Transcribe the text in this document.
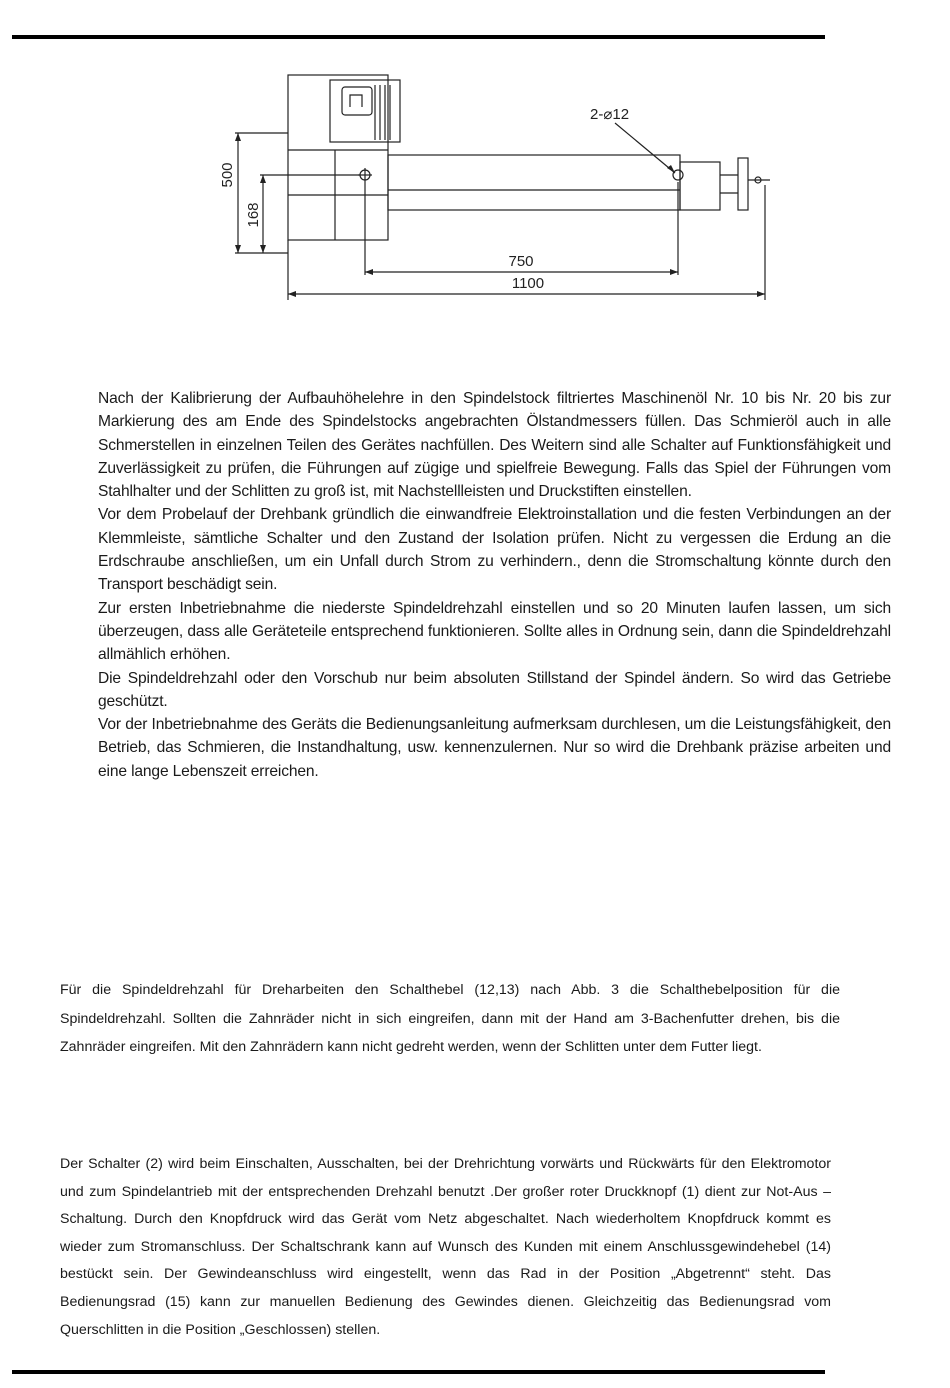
500
168
750
1100
2-⌀12

Nach der Kalibrierung der Aufbauhöhelehre in den Spindelstock filtriertes Maschinenöl Nr. 10 bis Nr. 20 bis zur Markierung des am Ende des Spindelstocks angebrachten Ölstandmessers füllen. Das Schmieröl auch in alle Schmerstellen in einzelnen Teilen des Gerätes nachfüllen. Des Weitern sind alle Schalter auf Funktionsfähigkeit und Zuverlässigkeit zu prüfen, die Führungen auf zügige und spielfreie Bewegung. Falls das Spiel der Führungen vom Stahlhalter und der Schlitten zu groß ist, mit Nachstellleisten und Druckstiften einstellen.

Vor dem Probelauf der Drehbank gründlich die einwandfreie Elektroinstallation und die festen Verbindungen an der Klemmleiste, sämtliche Schalter und den Zustand der Isolation prüfen. Nicht zu vergessen die Erdung an die Erdschraube anschließen, um ein Unfall durch Strom zu verhindern., denn die Stromschaltung könnte durch den Transport beschädigt sein.

Zur ersten Inbetriebnahme die niederste Spindeldrehzahl einstellen und so 20 Minuten laufen lassen, um sich überzeugen, dass alle Geräteteile entsprechend funktionieren. Sollte alles in Ordnung sein, dann die Spindeldrehzahl allmählich erhöhen.

Die Spindeldrehzahl oder den Vorschub nur beim absoluten Stillstand der Spindel ändern. So wird das Getriebe geschützt.

Vor der Inbetriebnahme des Geräts die Bedienungsanleitung aufmerksam durchlesen, um die Leistungsfähigkeit, den Betrieb, das Schmieren, die Instandhaltung, usw. kennenzulernen. Nur so wird die Drehbank präzise arbeiten und eine lange Lebenszeit erreichen.

Für die Spindeldrehzahl für Dreharbeiten den Schalthebel (12,13) nach Abb. 3 die Schalthebelposition für die Spindeldrehzahl. Sollten die Zahnräder nicht in sich eingreifen, dann mit der Hand am 3-Bachenfutter drehen, bis die Zahnräder eingreifen. Mit den Zahnrädern kann nicht gedreht werden, wenn der Schlitten unter dem Futter liegt.

Der Schalter (2) wird beim Einschalten, Ausschalten, bei der Drehrichtung vorwärts und Rückwärts für den Elektromotor und zum Spindelantrieb mit der entsprechenden Drehzahl benutzt .Der großer roter Druckknopf (1) dient zur Not-Aus – Schaltung. Durch den Knopfdruck wird das Gerät vom Netz abgeschaltet. Nach wiederholtem Knopfdruck kommt es wieder zum Stromanschluss. Der Schaltschrank kann auf Wunsch des Kunden mit einem Anschlussgewindehebel (14) bestückt sein. Der Gewindeanschluss wird eingestellt, wenn das Rad in der Position „Abgetrennt“ steht. Das Bedienungsrad (15) kann zur manuellen Bedienung des Gewindes dienen. Gleichzeitig das Bedienungsrad vom Querschlitten in die Position „Geschlossen) stellen.
